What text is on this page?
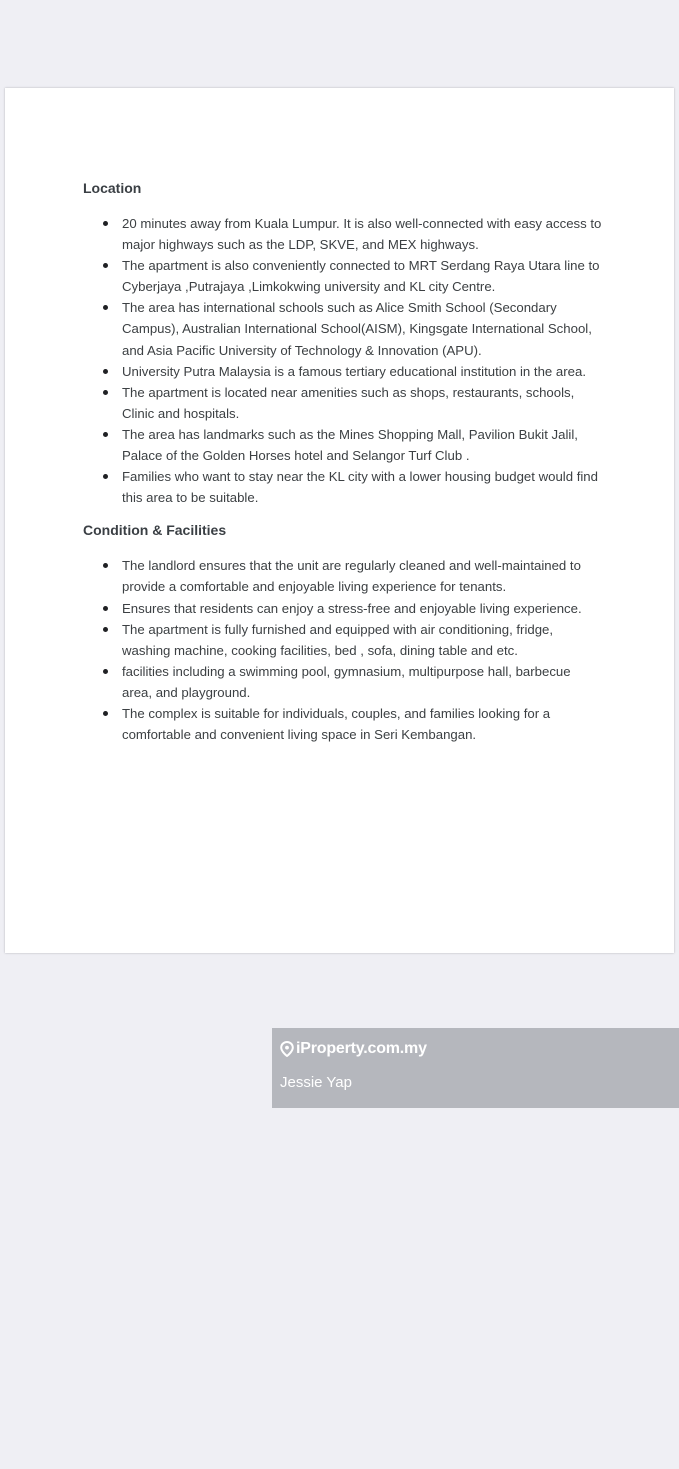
Location
20 minutes away from Kuala Lumpur. It is also well-connected with easy access to major highways such as the LDP, SKVE, and MEX highways.
The apartment is also conveniently connected to MRT Serdang Raya Utara line to Cyberjaya ,Putrajaya ,Limkokwing university and KL city Centre.
The area has international schools such as Alice Smith School (Secondary Campus), Australian International School(AISM), Kingsgate International School, and Asia Pacific University of Technology & Innovation (APU).
University Putra Malaysia is a famous tertiary educational institution in the area.
The apartment is located near amenities such as shops, restaurants, schools, Clinic and hospitals.
The area has landmarks such as the Mines Shopping Mall, Pavilion Bukit Jalil, Palace of the Golden Horses hotel and Selangor Turf Club .
Families who want to stay near the KL city with a lower housing budget would find this area to be suitable.
Condition & Facilities
The landlord ensures that the unit are regularly cleaned and well-maintained to provide a comfortable and enjoyable living experience for tenants.
Ensures that residents can enjoy a stress-free and enjoyable living experience.
The apartment is fully furnished and equipped with air conditioning, fridge, washing machine, cooking facilities, bed , sofa, dining table and etc.
facilities including a swimming pool, gymnasium, multipurpose hall, barbecue area, and playground.
The complex is suitable for individuals, couples, and families looking for a comfortable and convenient living space in Seri Kembangan.
iProperty.com.my
Jessie Yap
